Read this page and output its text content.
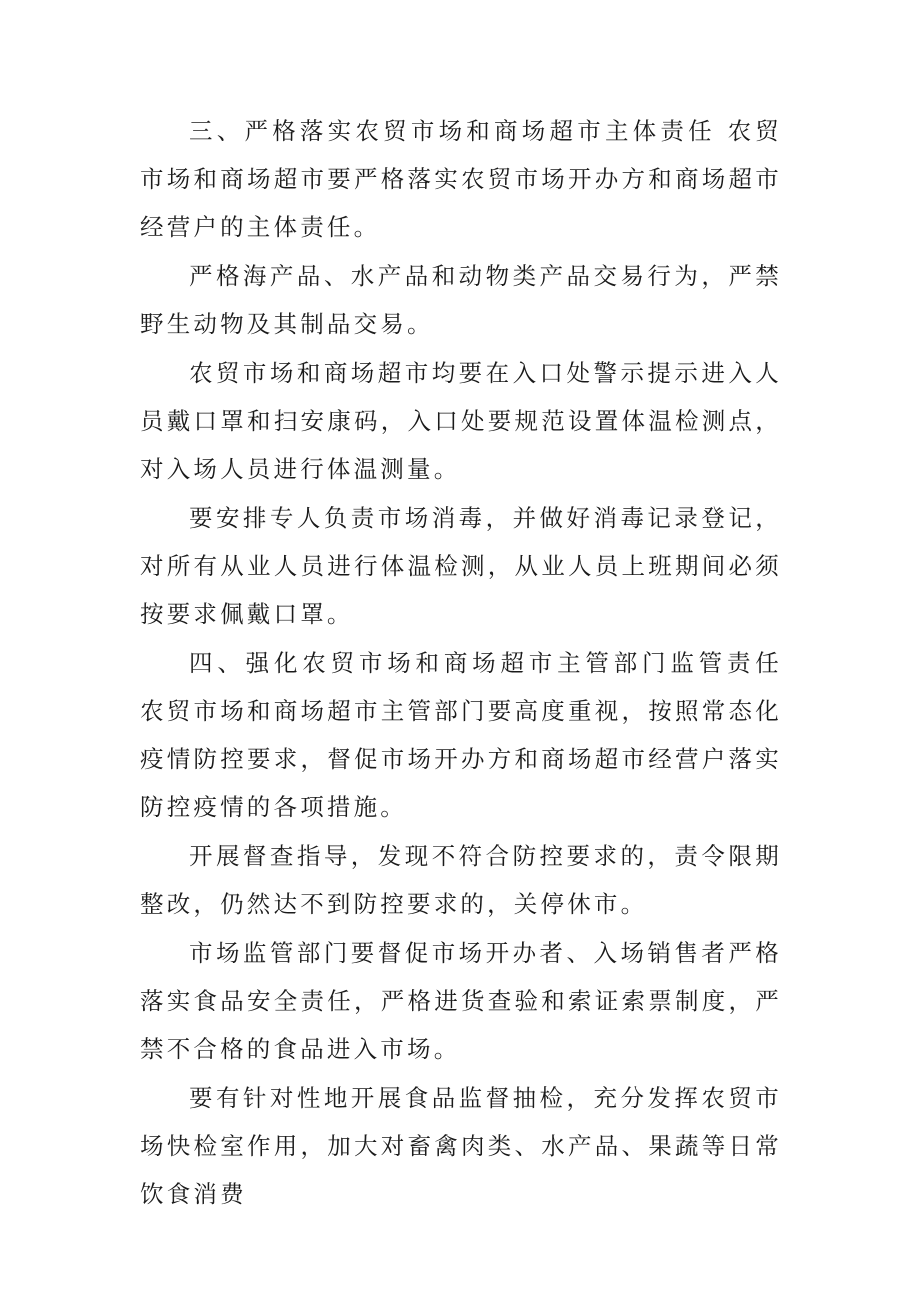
三、严格落实农贸市场和商场超市主体责任 农贸市场和商场超市要严格落实农贸市场开办方和商场超市经营户的主体责任。

严格海产品、水产品和动物类产品交易行为，严禁野生动物及其制品交易。

农贸市场和商场超市均要在入口处警示提示进入人员戴口罩和扫安康码，入口处要规范设置体温检测点，对入场人员进行体温测量。

要安排专人负责市场消毒，并做好消毒记录登记，对所有从业人员进行体温检测，从业人员上班期间必须按要求佩戴口罩。

四、强化农贸市场和商场超市主管部门监管责任 农贸市场和商场超市主管部门要高度重视，按照常态化疫情防控要求，督促市场开办方和商场超市经营户落实防控疫情的各项措施。

开展督查指导，发现不符合防控要求的，责令限期整改，仍然达不到防控要求的，关停休市。

市场监管部门要督促市场开办者、入场销售者严格落实食品安全责任，严格进货查验和索证索票制度，严禁不合格的食品进入市场。

要有针对性地开展食品监督抽检，充分发挥农贸市场快检室作用，加大对畜禽肉类、水产品、果蔬等日常饮食消费
